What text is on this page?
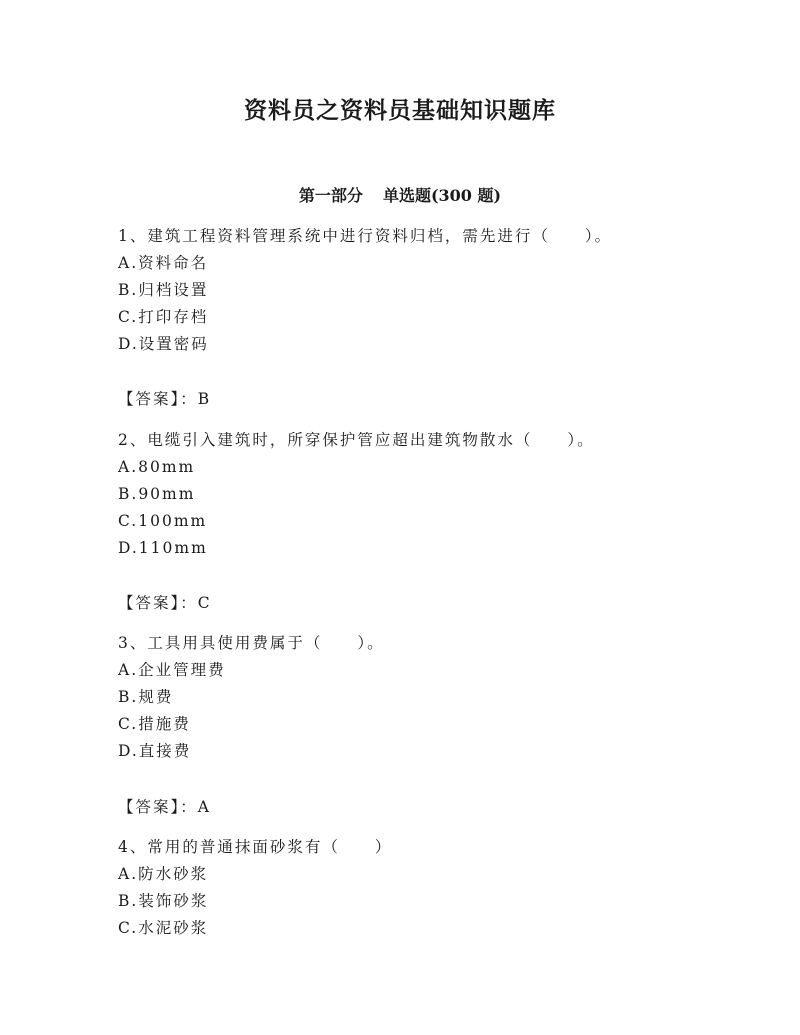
资料员之资料员基础知识题库
第一部分 单选题(300 题)
1、建筑工程资料管理系统中进行资料归档，需先进行（　　）。
A.资料命名
B.归档设置
C.打印存档
D.设置密码
【答案】：B
2、电缆引入建筑时，所穿保护管应超出建筑物散水（　　）。
A.80mm
B.90mm
C.100mm
D.110mm
【答案】：C
3、工具用具使用费属于（　　）。
A.企业管理费
B.规费
C.措施费
D.直接费
【答案】：A
4、常用的普通抹面砂浆有（　　）
A.防水砂浆
B.装饰砂浆
C.水泥砂浆
